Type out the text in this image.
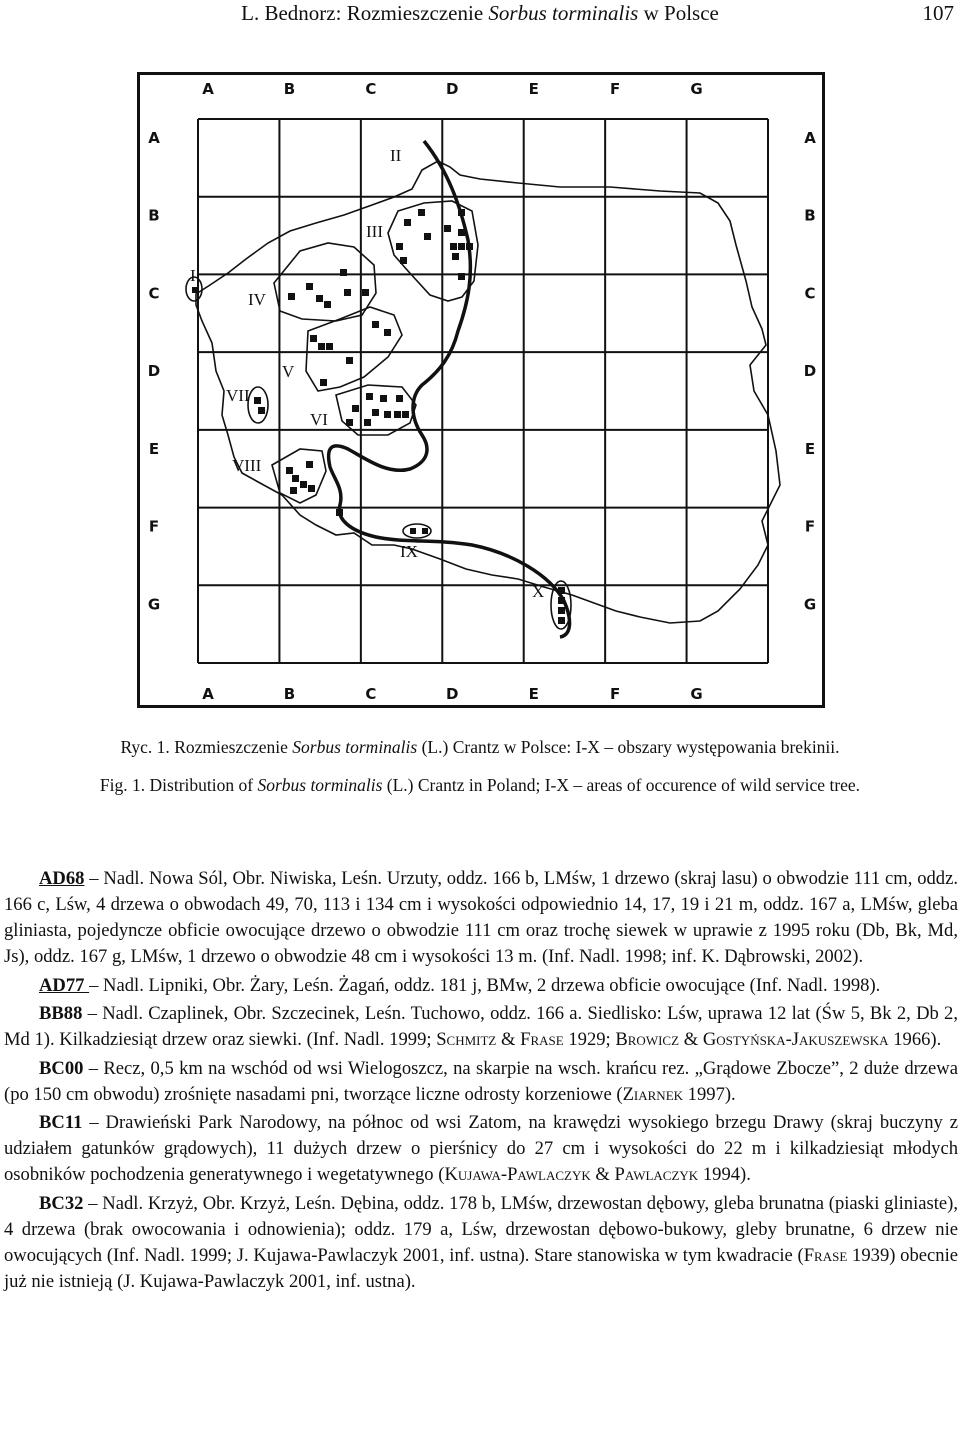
L. Bednorz: Rozmieszczenie Sorbus torminalis w Polsce	107
A
A
B
B
C
C
D
D
E
E
F
F
G
G
A	A
B	B
C	C
D	D
E	E
F	F
G	G
I
II
III
IV
V
VI
VII
VIII
IX
X
Ryc. 1. Rozmieszczenie Sorbus torminalis (L.) Crantz w Polsce: I-X – obszary występowania brekinii.
Fig. 1. Distribution of Sorbus torminalis (L.) Crantz in Poland; I-X – areas of occurence of wild service tree.

AD68 – Nadl. Nowa Sól, Obr. Niwiska, Leśn. Urzuty, oddz. 166 b, LMśw, 1 drzewo (skraj lasu) o obwodzie 111 cm, oddz. 166 c, Lśw, 4 drzewa o obwodach 49, 70, 113 i 134 cm i wysokości odpowiednio 14, 17, 19 i 21 m, oddz. 167 a, LMśw, gleba gliniasta, pojedyncze obficie owocujące drzewo o obwodzie 111 cm oraz trochę siewek w uprawie z 1995 roku (Db, Bk, Md, Js), oddz. 167 g, LMśw, 1 drzewo o obwodzie 48 cm i wysokości 13 m. (Inf. Nadl. 1998; inf. K. Dąbrowski, 2002).

AD77 – Nadl. Lipniki, Obr. Żary, Leśn. Żagań, oddz. 181 j, BMw, 2 drzewa obficie owocujące (Inf. Nadl. 1998).

BB88 – Nadl. Czaplinek, Obr. Szczecinek, Leśn. Tuchowo, oddz. 166 a. Siedlisko: Lśw, uprawa 12 lat (Św 5, Bk 2, Db 2, Md 1). Kilkadziesiąt drzew oraz siewki. (Inf. Nadl. 1999; Schmitz & Frase 1929; Browicz & Gostyńska-Jakuszewska 1966).

BC00 – Recz, 0,5 km na wschód od wsi Wielogoszcz, na skarpie na wsch. krańcu rez. „Grądowe Zbocze”, 2 duże drzewa (po 150 cm obwodu) zrośnięte nasadami pni, tworzące liczne odrosty korzeniowe (Ziarnek 1997).

BC11 – Drawieński Park Narodowy, na północ od wsi Zatom, na krawędzi wysokiego brzegu Drawy (skraj buczyny z udziałem gatunków grądowych), 11 dużych drzew o pierśnicy do 27 cm i wysokości do 22 m i kilkadziesiąt młodych osobników pochodzenia generatywnego i wegetatywnego (Kujawa-Pawlaczyk & Pawlaczyk 1994).

BC32 – Nadl. Krzyż, Obr. Krzyż, Leśn. Dębina, oddz. 178 b, LMśw, drzewostan dębowy, gleba brunatna (piaski gliniaste), 4 drzewa (brak owocowania i odnowienia); oddz. 179 a, Lśw, drzewostan dębowo-bukowy, gleby brunatne, 6 drzew nie owocujących (Inf. Nadl. 1999; J. Kujawa-Pawlaczyk 2001, inf. ustna). Stare stanowiska w tym kwadracie (Frase 1939) obecnie już nie istnieją (J. Kujawa-Pawlaczyk 2001, inf. ustna).
